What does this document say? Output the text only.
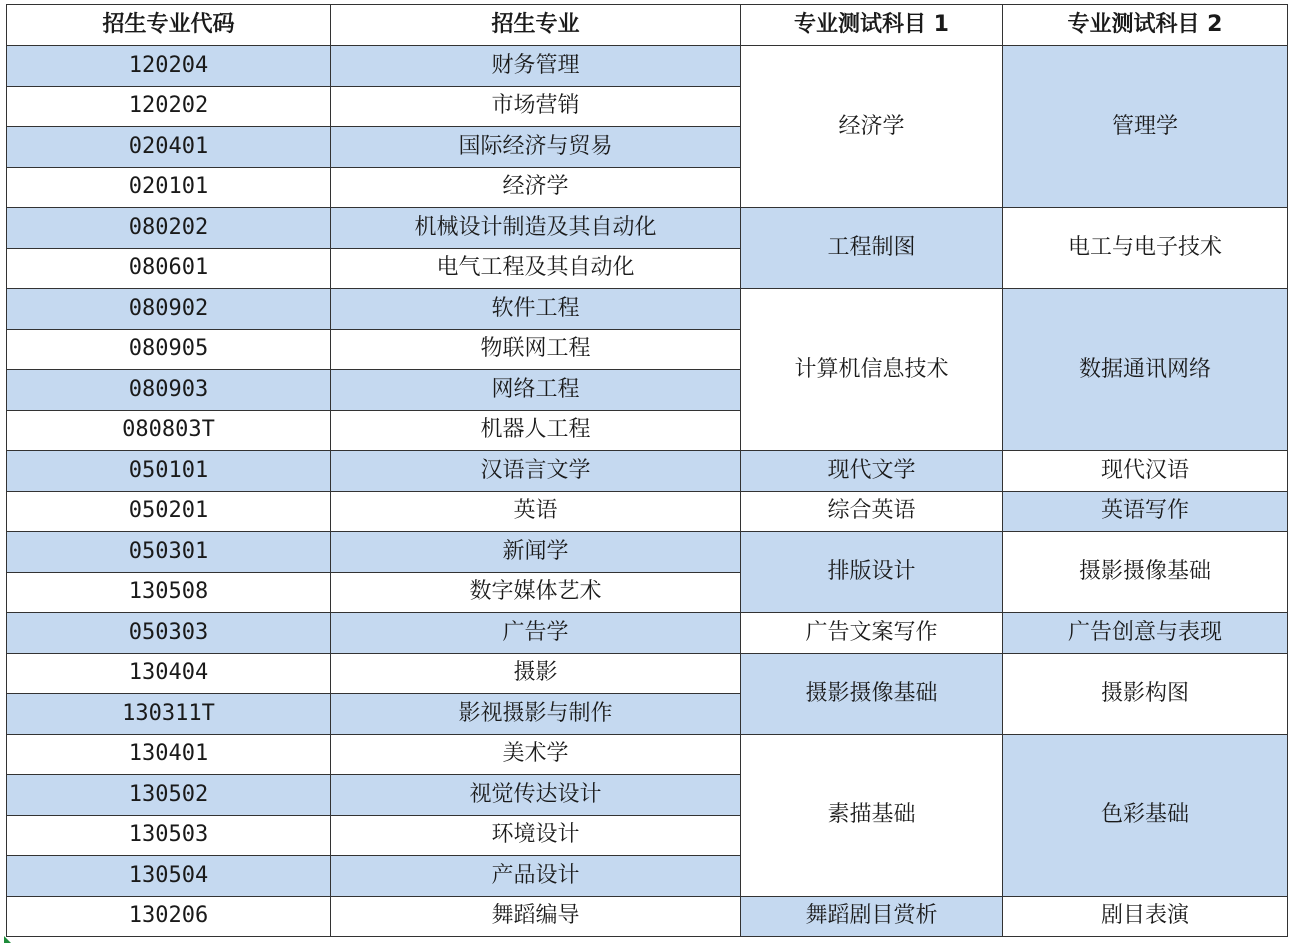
招生专业代码	招生专业	专业测试科目 1	专业测试科目 2
120204	财务管理	经济学	管理学
120202	市场营销		
020401	国际经济与贸易		
020101	经济学		
080202	机械设计制造及其自动化	工程制图	电工与电子技术
080601	电气工程及其自动化		
080902	软件工程	计算机信息技术	数据通讯网络
080905	物联网工程		
080903	网络工程		
080803T	机器人工程		
050101	汉语言文学	现代文学	现代汉语
050201	英语	综合英语	英语写作
050301	新闻学	排版设计	摄影摄像基础
130508	数字媒体艺术		
050303	广告学	广告文案写作	广告创意与表现
130404	摄影	摄影摄像基础	摄影构图
130311T	影视摄影与制作		
130401	美术学	素描基础	色彩基础
130502	视觉传达设计		
130503	环境设计		
130504	产品设计		
130206	舞蹈编导	舞蹈剧目赏析	剧目表演
